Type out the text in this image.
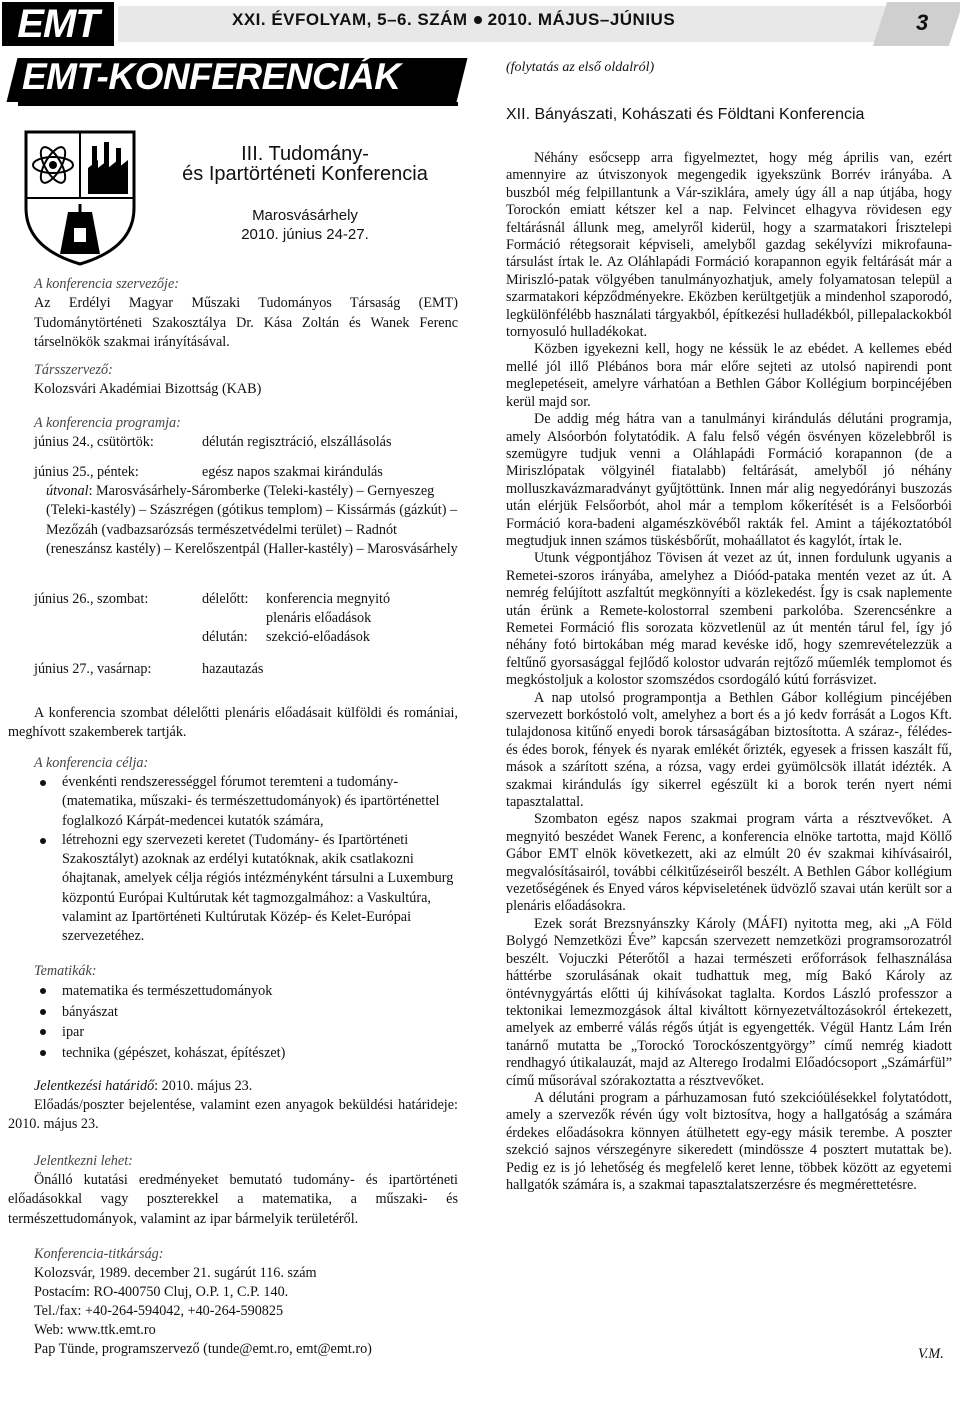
EMT	XXI. ÉVFOLYAM, 5–6. SZÁM 2010. MÁJUS–JÚNIUS	3
EMT-KONFERENCIÁK
III. Tudomány-
és Ipartörténeti Konferencia
Marosvásárhely
2010. június 24-27.
A konferencia szervezője:
Az Erdélyi Magyar Műszaki Tudományos Társaság (EMT) Tudománytörténeti Szakosztálya Dr. Kása Zoltán és Wanek Ferenc társelnökök szakmai irányításával.
Társszervező:
Kolozsvári Akadémiai Bizottság (KAB)
A konferencia programja:
június 24., csütörtök:	délután regisztráció, elszállásolás
június 25., péntek:	egész napos szakmai kirándulás
útvonal: Marosvásárhely-Sáromberke (Teleki-kastély) – Gernyeszeg (Teleki-kastély) – Szászrégen (gótikus templom) – Kissármás (gázkút) – Mezőzáh (vadbazsarózsás természetvédelmi terület) – Radnót (reneszánsz kastély) – Kerelőszentpál (Haller-kastély) – Marosvásárhely
június 26., szombat:	délelőtt: konferencia megnyitó
plenáris előadások
délután: szekció-előadások
június 27., vasárnap:	hazautazás
A konferencia szombat délelőtti plenáris előadásait külföldi és romániai, meghívott szakemberek tartják.
A konferencia célja:
évenkénti rendszerességgel fórumot teremteni a tudomány- (matematika, műszaki- és természettudományok) és ipartörténettel foglalkozó Kárpát-medencei kutatók számára,
létrehozni egy szervezeti keretet (Tudomány- és Ipartörténeti Szakosztályt) azoknak az erdélyi kutatóknak, akik csatlakozni óhajtanak, amelyek célja régiós intézményként társulni a Luxemburg központú Európai Kultúrutak két tagmozgalmához: a Vaskultúra, valamint az Ipartörténeti Kultúrutak Közép- és Kelet-Európai szervezetéhez.
Tematikák:
matematika és természettudományok
bányászat
ipar
technika (gépészet, kohászat, építészet)
Jelentkezési határidő: 2010. május 23.
Előadás/poszter bejelentése, valamint ezen anyagok beküldési határideje: 2010. május 23.
Jelentkezni lehet:
Önálló kutatási eredményeket bemutató tudomány- és ipartörténeti előadásokkal vagy poszterekkel a matematika, a műszaki- és természettudományok, valamint az ipar bármelyik területéről.
Konferencia-titkárság:
Kolozsvár, 1989. december 21. sugárút 116. szám
Postacím: RO-400750 Cluj, O.P. 1, C.P. 140.
Tel./fax: +40-264-594042, +40-264-590825
Web: www.ttk.emt.ro
Pap Tünde, programszervező (tunde@emt.ro, emt@emt.ro)
(folytatás az első oldalról)
XII. Bányászati, Kohászati és Földtani Konferencia

Néhány esőcsepp arra figyelmeztet, hogy még április van, ezért amennyire az útviszonyok megengedik igyekszünk Borrév irányába. A buszból még felpillantunk a Vár-sziklára, amely úgy áll a nap útjába, hogy Torockón emiatt kétszer kel a nap. Felvincet elhagyva rövidesen egy feltárásnál állunk meg, amelyről kiderül, hogy a szarmatakori Írisztelepi Formáció rétegsorait képviseli, amelyből gazdag sekélyvízi mikrofauna-társulást írtak le. Az Oláhlapádi Formáció korapannon egyik feltárását már a Miriszló-patak völgyében tanulmányozhatjuk, amely folyamatosan települ a szarmatakori képződményekre. Eközben kerültgetjük a mindenhol szaporodó, legkülönfélébb használati tárgyakból, építkezési hulladékból, pillepalackokból tornyosuló hulladékokat.

Közben igyekezni kell, hogy ne késsük le az ebédet. A kellemes ebéd mellé jól illő Plébános bora már előre sejteti az utolsó napirendi pont meglepetéseit, amelyre várhatóan a Bethlen Gábor Kollégium borpincéjében kerül majd sor.

De addig még hátra van a tanulmányi kirándulás délutáni programja, amely Alsóorbón folytatódik. A falu felső végén ösvényen közelebbről is szemügyre tudjuk venni a Oláhlapádi Formáció korapannon (de a Miriszlópatak völgyinél fiatalabb) feltárását, amelyből jó néhány molluszkavázmaradványt gyűjtöttünk. Innen már alig negyedórányi buszozás után elérjük Felsőorbót, ahol már a templom kőkerítését is a Felsőorbói Formáció kora-badeni algamészkövéből rakták fel. Amint a tájékoztatóból megtudjuk innen számos tüskésbőrűt, mohaállatot és kagylót, írtak le.

Utunk végpontjához Tövisen át vezet az út, innen fordulunk ugyanis a Remetei-szoros irányába, amelyhez a Dióód-pataka mentén vezet az út. A nemrég felújított aszfaltút megkönnyíti a közlekedést. Így is csak naplemente után érünk a Remete-kolostorral szembeni parkolóba. Szerencsénkre a Remetei Formáció flis sorozata közvetlenül az út mentén tárul fel, így jó néhány fotó birtokában még marad kevéske idő, hogy szemrevételezzük a feltűnő gyorsasággal fejlődő kolostor udvarán rejtőző műemlék templomot és megkóstoljuk a kolostor szomszédos csordogáló kútú forrásvizet.

A nap utolsó programpontja a Bethlen Gábor kollégium pincéjében szervezett borkóstoló volt, amelyhez a bort és a jó kedv forrását a Logos Kft. tulajdonosa kitűnő enyedi borok társaságában biztosította. A száraz-, félédes- és édes borok, fények és nyarak emlékét őrizték, egyesek a frissen kaszált fű, mások a szárított széna, a rózsa, vagy erdei gyümölcsök illatát idézték. A szakmai kirándulás így sikerrel egészült ki a borok terén nyert némi tapasztalattal.

Szombaton egész napos szakmai program várta a résztvevőket. A megnyitó beszédet Wanek Ferenc, a konferencia elnöke tartotta, majd Köllő Gábor EMT elnök következett, aki az elmúlt 20 év szakmai kihívásairól, megvalósításairól, további célkitűzéseiről beszélt. A Bethlen Gábor kollégium vezetőségének és Enyed város képviseletének üdvözlő szavai után került sor a plenáris előadásokra.

Ezek sorát Brezsnyánszky Károly (MÁFI) nyitotta meg, aki „A Föld Bolygó Nemzetközi Éve” kapcsán szervezett nemzetközi programsorozatról beszélt. Vojuczki Péterőtől a hazai természeti erőforrások felhasználása háttérbe szorulásának okait tudhattuk meg, míg Bakó Károly az öntévnygyártás előtti új kihívásokat taglalta. Kordos László professzor a tektonikai lemezmozgások által kiváltott környezetváltozásokról értekezett, amelyek az emberré válás régős útját is egyengették. Végül Hantz Lám Irén tanárnő mutatta be „Torockó Torockószentgyörgy” című nemrég kiadott rendhagyó útikalauzát, majd az Alterego Irodalmi Előadócsoport „Számárfül” című műsorával szórakoztatta a résztvevőket.

A délutáni program a párhuzamosan futó szekcióülésekkel folytatódott, amely a szervezők révén úgy volt biztosítva, hogy a hallgatóság a számára érdekes előadásokra könnyen átülhetett egy-egy másik terembe. A poszter szekció sajnos vérszegényre sikeredett (mindössze 4 posztert mutattak be). Pedig ez is jó lehetőség és megfelelő keret lenne, többek között az egyetemi hallgatók számára is, a szakmai tapasztalatszerzésre és megmérettetésre.

V.M.
